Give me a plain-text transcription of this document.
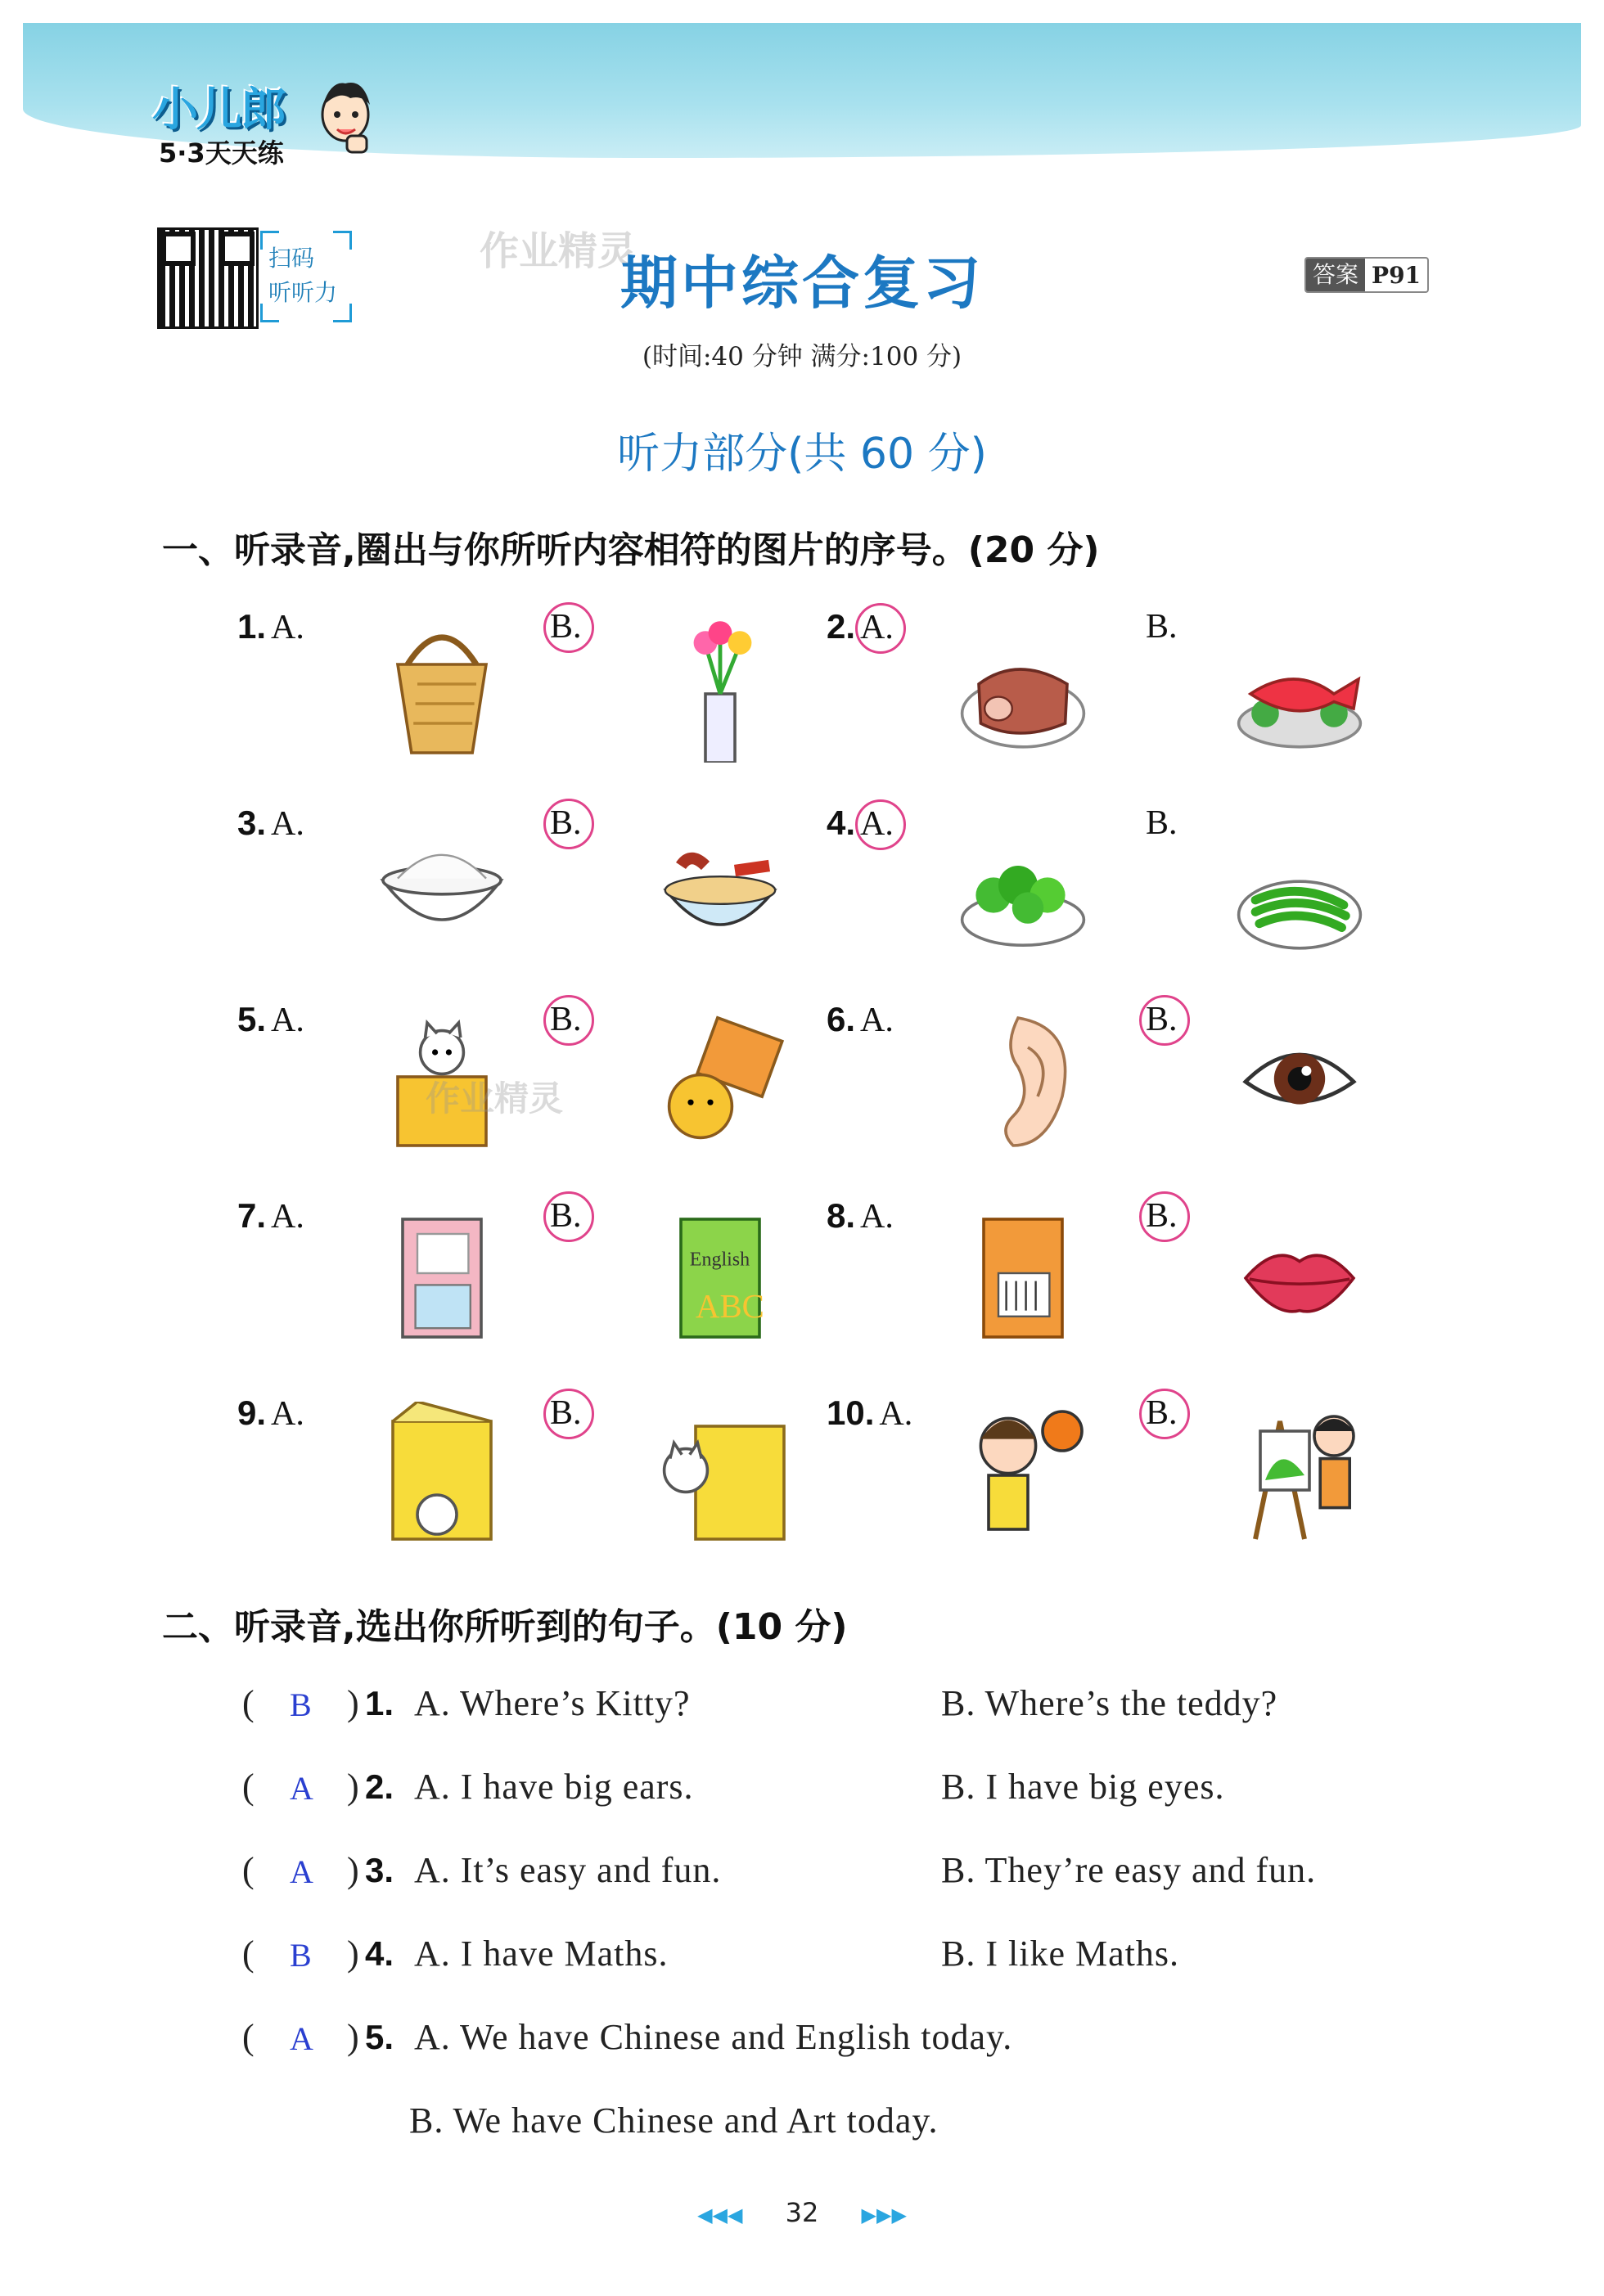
小儿郎
5·3天天练
扫码
听听力
作业精灵
期中综合复习	答案 P91
(时间:40 分钟 满分:100 分)
听力部分(共 60 分)
一、听录音,圈出与你所听内容相符的图片的序号。(20 分)
1. A.	B.	2. A.	B.
3. A.	B.	4. A.	B.
5. A.	B.	6. A.	B.
7. A.	B.
English
ABC
8. A.	B.
9. A.	B.	10. A.	B.
作业精灵
二、听录音,选出你所听到的句子。(10 分)
( B ) 1. A. Where’s Kitty?	B. Where’s the teddy?
( A ) 2. A. I have big ears.	B. I have big eyes.
( A ) 3. A. It’s easy and fun.	B. They’re easy and fun.
( B ) 4. A. I have Maths.	B. I like Maths.
( A ) 5. A. We have Chinese and English today.
B. We have Chinese and Art today.
◀◀◀ 32 ▶▶▶
